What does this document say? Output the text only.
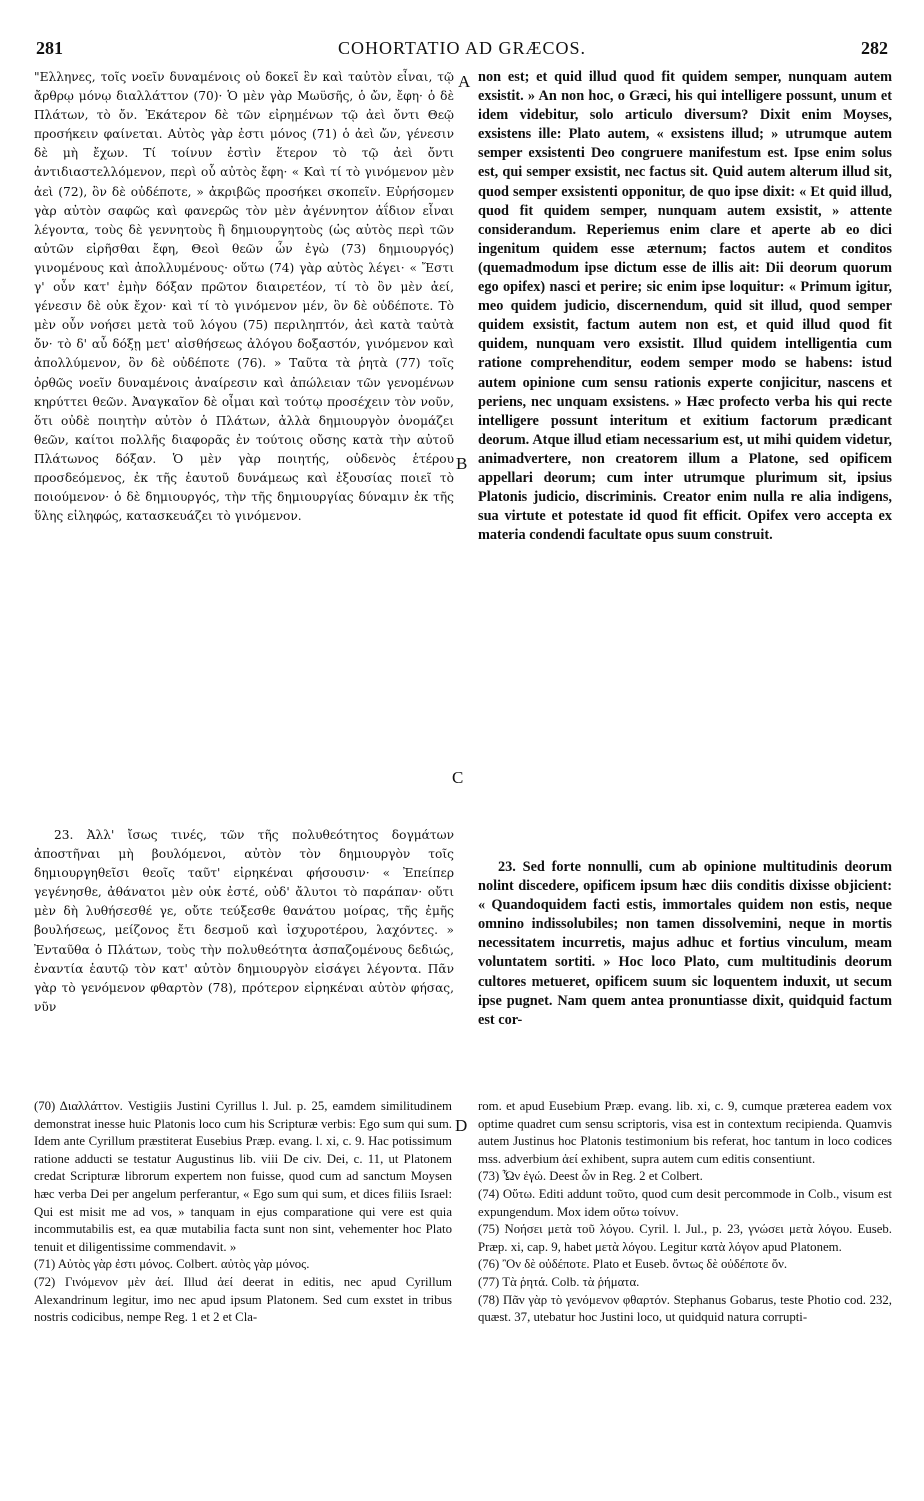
281	COHORTATIO AD GRÆCOS.	282
A
B
C
D

"Ελληνες, τοῖς νοεῖν δυναμένοις οὐ δοκεῖ ἓν καὶ ταὐτὸν εἶναι, τῷ ἄρθρῳ μόνῳ διαλλάττον (70)· Ὁ μὲν γὰρ Μωϋσῆς, ὁ ὤν, ἔφη· ὁ δὲ Πλάτων, τὸ ὄν. Ἑκάτερον δὲ τῶν εἰρημένων τῷ ἀεὶ ὄντι Θεῷ προσήκειν φαίνεται. Αὐτὸς γὰρ ἐστι μόνος (71) ὁ ἀεὶ ὤν, γένεσιν δὲ μὴ ἔχων. Τί τοίνυν ἐστὶν ἕτερον τὸ τῷ ἀεὶ ὄντι ἀντιδιαστελλόμενον, περὶ οὗ αὐτὸς ἔφη· « Καὶ τί τὸ γινόμενον μὲν ἀεὶ (72), ὂν δὲ οὐδέποτε, » ἀκριβῶς προσήκει σκοπεῖν. Εὑρήσομεν γὰρ αὐτὸν σαφῶς καὶ φανερῶς τὸν μὲν ἀγέννητον ἀΐδιον εἶναι λέγοντα, τοὺς δὲ γεννητοὺς ἢ δημιουργητοὺς (ὡς αὐτὸς περὶ τῶν αὐτῶν εἰρῆσθαι ἔφη, Θεοὶ θεῶν ὧν ἐγὼ (73) δημιουργός) γινομένους καὶ ἀπολλυμένους· οὕτω (74) γὰρ αὐτὸς λέγει· « Ἔστι γ' οὖν κατ' ἐμὴν δόξαν πρῶτον διαιρετέον, τί τὸ ὂν μὲν ἀεί, γένεσιν δὲ οὐκ ἔχον· καὶ τί τὸ γινόμενον μέν, ὂν δὲ οὐδέποτε. Τὸ μὲν οὖν νοήσει μετὰ τοῦ λόγου (75) περιληπτόν, ἀεὶ κατὰ ταὐτὰ ὄν· τὸ δ' αὖ δόξῃ μετ' αἰσθήσεως ἀλόγου δοξαστόν, γινόμενον καὶ ἀπολλύμενον, ὂν δὲ οὐδέποτε (76). » Ταῦτα τὰ ῥητὰ (77) τοῖς ὀρθῶς νοεῖν δυναμένοις ἀναίρεσιν καὶ ἀπώλειαν τῶν γενομένων κηρύττει θεῶν. Ἀναγκαῖον δὲ οἶμαι καὶ τούτῳ προσέχειν τὸν νοῦν, ὅτι οὐδὲ ποιητὴν αὐτὸν ὁ Πλάτων, ἀλλὰ δημιουργὸν ὀνομάζει θεῶν, καίτοι πολλῆς διαφορᾶς ἐν τούτοις οὔσης κατὰ τὴν αὐτοῦ Πλάτωνος δόξαν. Ὁ μὲν γὰρ ποιητής, οὐδενὸς ἑτέρου προσδεόμενος, ἐκ τῆς ἑαυτοῦ δυνάμεως καὶ ἐξουσίας ποιεῖ τὸ ποιούμενον· ὁ δὲ δημιουργός, τὴν τῆς δημιουργίας δύναμιν ἐκ τῆς ὕλης εἰληφώς, κατασκευάζει τὸ γινόμενον.

23. Ἀλλ' ἴσως τινές, τῶν τῆς πολυθεότητος δογμάτων ἀποστῆναι μὴ βουλόμενοι, αὐτὸν τὸν δημιουργὸν τοῖς δημιουργηθεῖσι θεοῖς ταῦτ' εἰρηκέναι φήσουσιν· « Ἐπείπερ γεγένησθε, ἀθάνατοι μὲν οὐκ ἐστέ, οὐδ' ἄλυτοι τὸ παράπαν· οὔτι μὲν δὴ λυθήσεσθέ γε, οὔτε τεύξεσθε θανάτου μοίρας, τῆς ἐμῆς βουλήσεως, μείζονος ἔτι δεσμοῦ καὶ ἰσχυροτέρου, λαχόντες. » Ἐνταῦθα ὁ Πλάτων, τοὺς τὴν πολυθεότητα ἀσπαζομένους δεδιώς, ἐναντία ἑαυτῷ τὸν κατ' αὐτὸν δημιουργὸν εἰσάγει λέγοντα. Πᾶν γὰρ τὸ γενόμενον φθαρτὸν (78), πρότερον εἰρηκέναι αὐτὸν φήσας, νῦν

non est; et quid illud quod fit quidem semper, nunquam autem exsistit. » An non hoc, o Græci, his qui intelligere possunt, unum et idem videbitur, solo articulo diversum? Dixit enim Moyses, exsistens ille: Plato autem, « exsistens illud; » utrumque autem semper exsistenti Deo congruere manifestum est. Ipse enim solus est, qui semper exsistit, nec factus sit. Quid autem alterum illud sit, quod semper exsistenti opponitur, de quo ipse dixit: « Et quid illud, quod fit quidem semper, nunquam autem exsistit, » attente considerandum. Reperiemus enim clare et aperte ab eo dici ingenitum quidem esse æternum; factos autem et conditos (quemadmodum ipse dictum esse de illis ait: Dii deorum quorum ego opifex) nasci et perire; sic enim ipse loquitur: « Primum igitur, meo quidem judicio, discernendum, quid sit illud, quod semper quidem exsistit, factum autem non est, et quid illud quod fit quidem, nunquam vero exsistit. Illud quidem intelligentia cum ratione comprehenditur, eodem semper modo se habens: istud autem opinione cum sensu rationis experte conjicitur, nascens et periens, nec unquam exsistens. » Hæc profecto verba his qui recte intelligere possunt interitum et exitium factorum prædicant deorum. Atque illud etiam necessarium est, ut mihi quidem videtur, animadvertere, non creatorem illum a Platone, sed opificem appellari deorum; cum inter utrumque plurimum sit, ipsius Platonis judicio, discriminis. Creator enim nulla re alia indigens, sua virtute et potestate id quod fit efficit. Opifex vero accepta ex materia condendi facultate opus suum construit.

23. Sed forte nonnulli, cum ab opinione multitudinis deorum nolint discedere, opificem ipsum hæc diis conditis dixisse objicient: « Quandoquidem facti estis, immortales quidem non estis, neque omnino indissolubiles; non tamen dissolvemini, neque in mortis necessitatem incurretis, majus adhuc et fortius vinculum, meam voluntatem sortiti. » Hoc loco Plato, cum multitudinis deorum cultores metueret, opificem suum sic loquentem induxit, ut secum ipse pugnet. Nam quem antea pronuntiasse dixit, quidquid factum est cor-

(70) Διαλλάττον. Vestigiis Justini Cyrillus l. Jul. p. 25, eamdem similitudinem demonstrat inesse huic Platonis loco cum his Scripturæ verbis: Ego sum qui sum. Idem ante Cyrillum præstiterat Eusebius Præp. evang. l. xi, c. 9. Hac potissimum ratione adducti se testatur Augustinus lib. viii De civ. Dei, c. 11, ut Platonem credat Scripturæ librorum expertem non fuisse, quod cum ad sanctum Moysen hæc verba Dei per angelum perferantur, « Ego sum qui sum, et dices filiis Israel: Qui est misit me ad vos, » tanquam in ejus comparatione qui vere est quia incommutabilis est, ea quæ mutabilia facta sunt non sint, vehementer hoc Plato tenuit et diligentissime commendavit. »

(71) Αὐτὸς γὰρ ἐστι μόνος. Colbert. αὐτὸς γὰρ μόνος.

(72) Γινόμενον μὲν ἀεί. Illud ἀεί deerat in editis, nec apud Cyrillum Alexandrinum legitur, imo nec apud ipsum Platonem. Sed cum exstet in tribus nostris codicibus, nempe Reg. 1 et 2 et Cla-

rom. et apud Eusebium Præp. evang. lib. xi, c. 9, cumque præterea eadem vox optime quadret cum sensu scriptoris, visa est in contextum recipienda. Quamvis autem Justinus hoc Platonis testimonium bis referat, hoc tantum in loco codices mss. adverbium ἀεί exhibent, supra autem cum editis consentiunt.

(73) Ὧν ἐγώ. Deest ὧν in Reg. 2 et Colbert.

(74) Οὕτω. Editi addunt τοῦτο, quod cum desit percommode in Colb., visum est expungendum. Mox idem οὕτω τοίνυν.

(75) Νοήσει μετὰ τοῦ λόγου. Cyril. l. Jul., p. 23, γνώσει μετὰ λόγου. Euseb. Præp. xi, cap. 9, habet μετὰ λόγου. Legitur κατὰ λόγον apud Platonem.

(76) Ὂν δὲ οὐδέποτε. Plato et Euseb. ὄντως δὲ οὐδέποτε ὄν.

(77) Τὰ ῥητά. Colb. τὰ ῥήματα.

(78) Πᾶν γὰρ τὸ γενόμενον φθαρτόν. Stephanus Gobarus, teste Photio cod. 232, quæst. 37, utebatur hoc Justini loco, ut quidquid natura corrupti-
